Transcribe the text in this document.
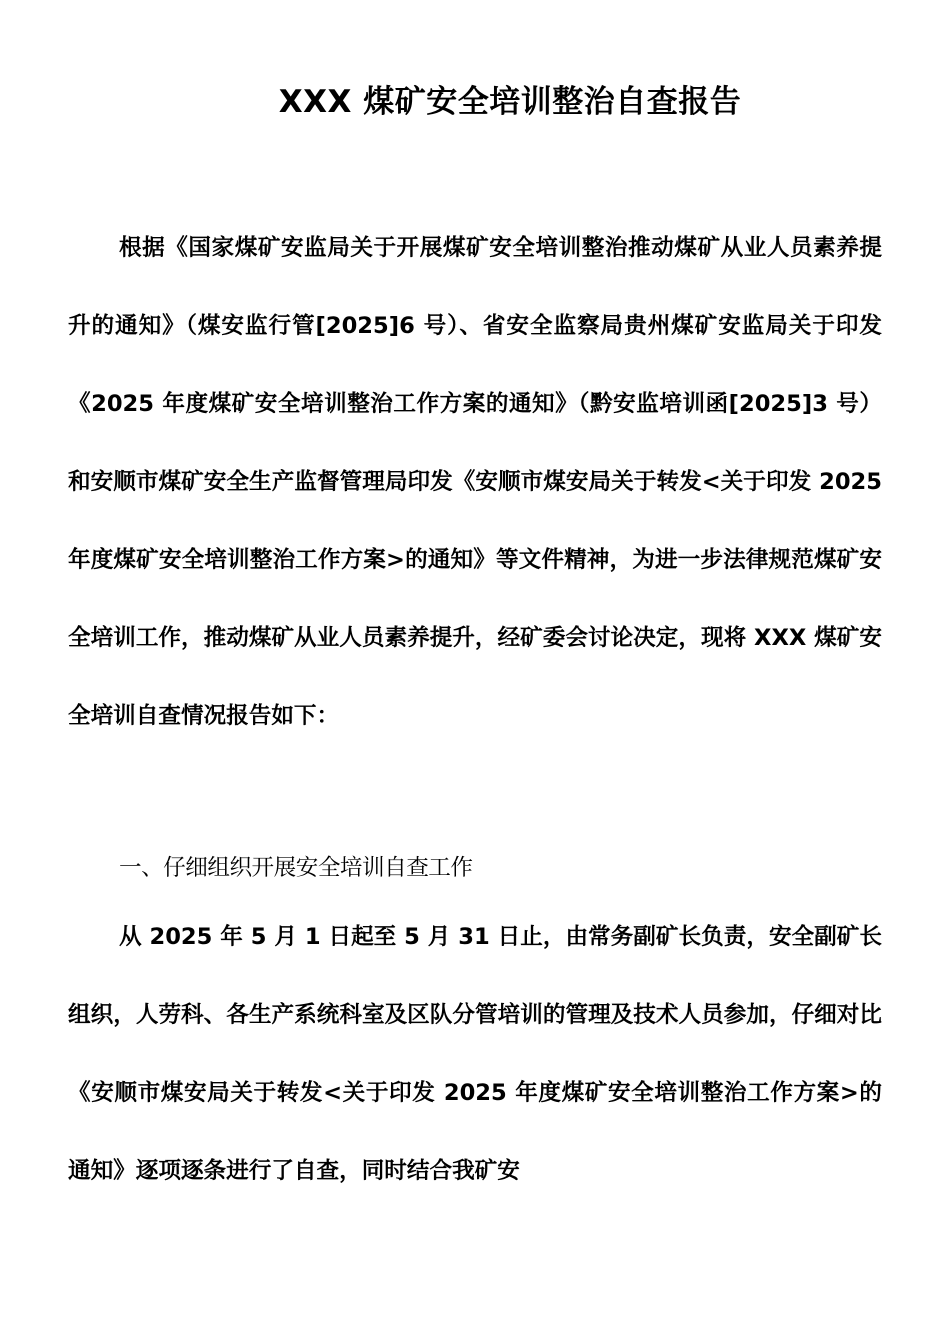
XXX 煤矿安全培训整治自查报告

根据《国家煤矿安监局关于开展煤矿安全培训整治推动煤矿从业人员素养提升的通知》（煤安监行管[2025]6 号）、省安全监察局贵州煤矿安监局关于印发《2025 年度煤矿安全培训整治工作方案的通知》（黔安监培训函[2025]3 号）和安顺市煤矿安全生产监督管理局印发《安顺市煤安局关于转发<关于印发 2025 年度煤矿安全培训整治工作方案>的通知》等文件精神，为进一步法律规范煤矿安全培训工作，推动煤矿从业人员素养提升，经矿委会讨论决定，现将 XXX 煤矿安全培训自查情况报告如下：

一、仔细组织开展安全培训自查工作

从 2025 年 5 月 1 日起至 5 月 31 日止，由常务副矿长负责，安全副矿长组织，人劳科、各生产系统科室及区队分管培训的管理及技术人员参加，仔细对比《安顺市煤安局关于转发<关于印发 2025 年度煤矿安全培训整治工作方案>的通知》逐项逐条进行了自查，同时结合我矿安
